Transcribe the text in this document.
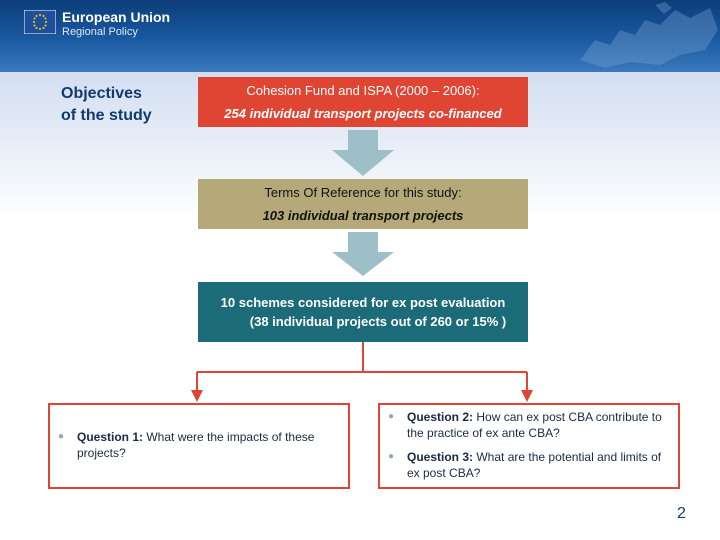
European Union
Regional Policy
Objectives
of the study
Cohesion Fund and ISPA (2000 – 2006):
254 individual transport projects co-financed
Terms Of Reference for this study:
103 individual transport projects
10 schemes considered for ex post evaluation
(38 individual projects out of 260 or 15% )
● Question 1: What were the impacts of these projects?
● Question 2: How can ex post CBA contribute to the practice of ex ante CBA?
● Question 3: What are the potential and limits of ex post CBA?
2
